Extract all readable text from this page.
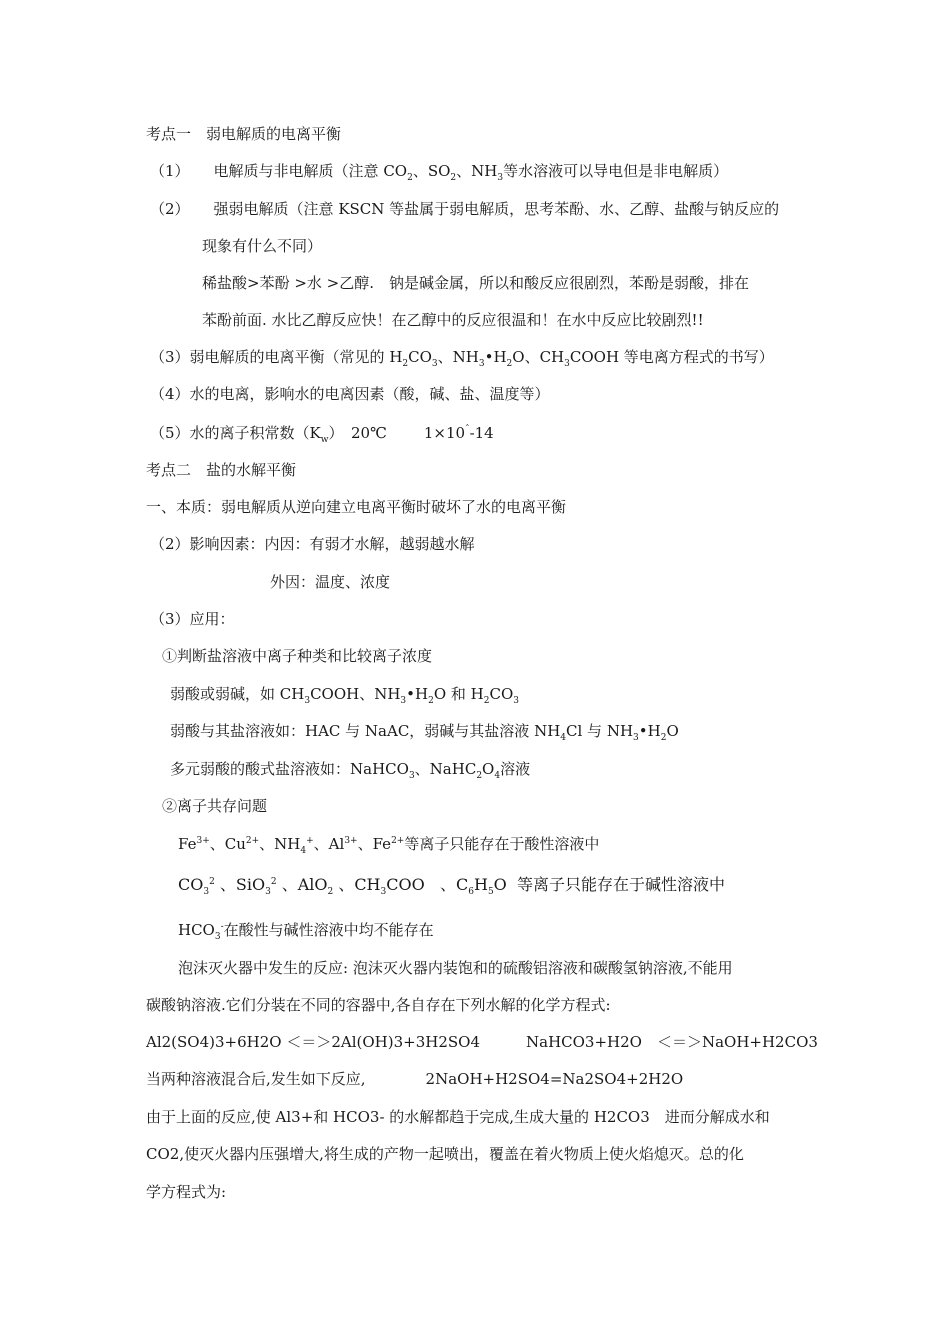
考点一　弱电解质的电离平衡
（1） 电解质与非电解质（注意 $CO_2$、$SO_2$、$NH_3$等水溶液可以导电但是非电解质）
（2） 强弱电解质（注意 KSCN 等盐属于弱电解质，思考苯酚、水、乙醇、盐酸与钠反应的
现象有什么不同）
稀盐酸>苯酚 >水 >乙醇.　钠是碱金属，所以和酸反应很剧烈，苯酚是弱酸，排在
苯酚前面. 水比乙醇反应快！在乙醇中的反应很温和！在水中反应比较剧烈!!
（3）弱电解质的电离平衡（常见的 $H_2CO_3$、$NH_3•H_2O$、$CH_3COOH$ 等电离方程式的书写）
（4）水的电离，影响水的电离因素（酸，碱、盐、温度等）
（5）水的离子积常数$(K_w)$　20℃　$1\times 10^ˆ-14$
考点二　盐的水解平衡
一、本质：弱电解质从逆向建立电离平衡时破坏了水的电离平衡
（2）影响因素：内因：有弱才水解，越弱越水解
外因：温度、浓度
（3）应用：
①判断盐溶液中离子种类和比较离子浓度
弱酸或弱碱，如 $CH_3COOH$、$NH_3•H_2O$ 和 $H_2CO_3$
弱酸与其盐溶液如：HAC 与 NaAC，弱碱与其盐溶液 $NH_4Cl$ 与 $NH_3•H_2O$
多元弱酸的酸式盐溶液如：NaHCO$_3$、$NaHC_2O_4$溶液
②离子共存问题
$Fe^{3+}$、$Cu^{2+}$、$NH_4^+$、$Al^{3+}$、$Fe^{2+}$等离子只能存在于酸性溶液中
$CO_3^2$ 、SiO$_3^2$ 、AlO$_2$ 、$CH_3COO$ 、$C_6H_5O$ 等离子只能存在于碱性溶液中
$HCO_3^-$在酸性与碱性溶液中均不能存在
泡沫灭火器中发生的反应: 泡沫灭火器内装饱和的硫酸铝溶液和碳酸氢钠溶液,不能用
碳酸钠溶液.它们分装在不同的容器中,各自存在下列水解的化学方程式:
Al2(SO4)3+6H2O ＜＝＞2Al(OH)3+3H2SO4	NaHCO3+H2O　＜＝＞NaOH+H2CO3
当两种溶液混合后,发生如下反应,	2NaOH+H2SO4=Na2SO4+2H2O
由于上面的反应,使 Al3+和 HCO3- 的水解都趋于完成,生成大量的 H2CO3　进而分解成水和
CO2,使灭火器内压强增大,将生成的产物一起喷出，覆盖在着火物质上使火焰熄灭。总的化
学方程式为:
